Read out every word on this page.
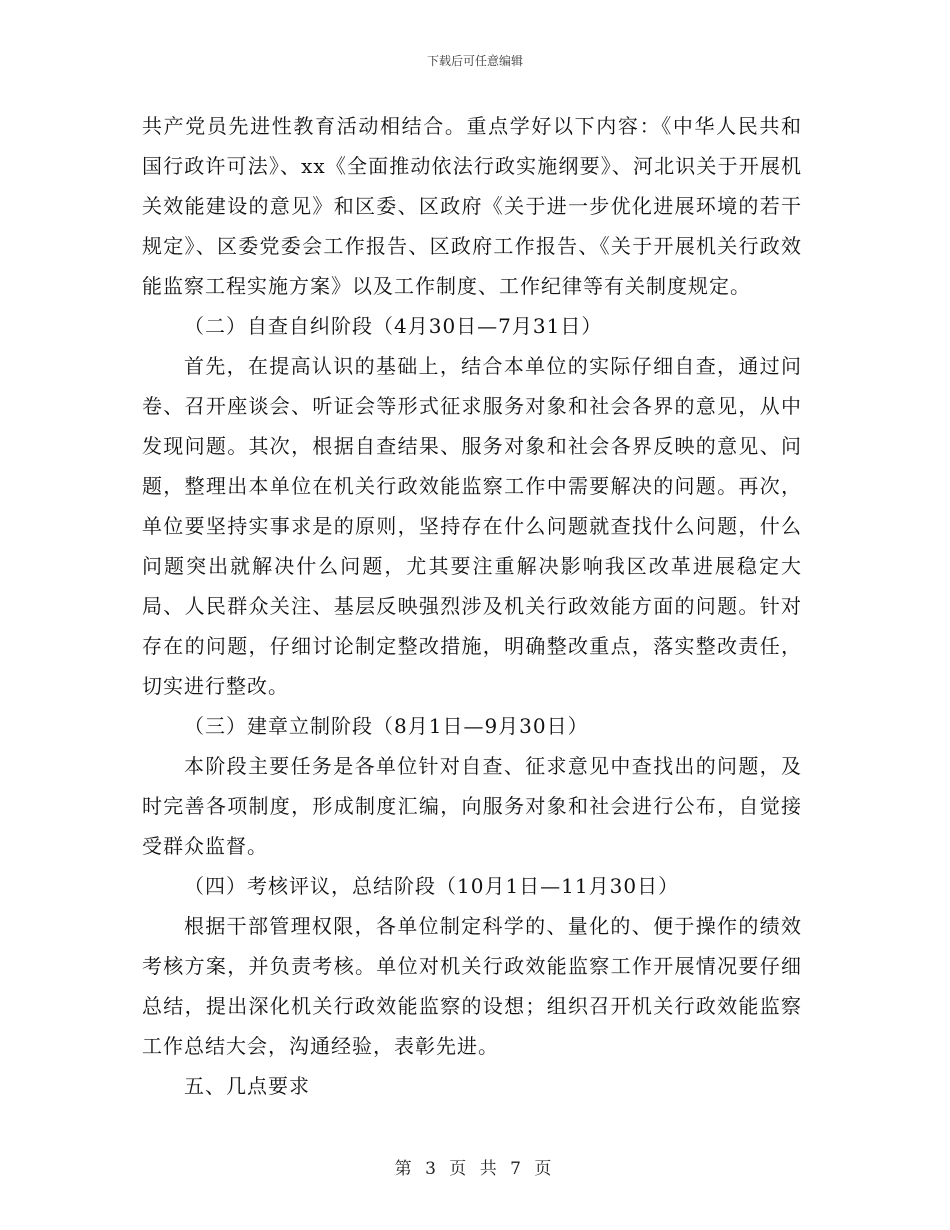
下载后可任意编辑

共产党员先进性教育活动相结合。重点学好以下内容：《中华人民共和国行政许可法》、xx《全面推动依法行政实施纲要》、河北识关于开展机关效能建设的意见》和区委、区政府《关于进一步优化进展环境的若干规定》、区委党委会工作报告、区政府工作报告、《关于开展机关行政效能监察工程实施方案》以及工作制度、工作纪律等有关制度规定。

（二）自查自纠阶段（4月30日—7月31日）

首先，在提高认识的基础上，结合本单位的实际仔细自查，通过问卷、召开座谈会、听证会等形式征求服务对象和社会各界的意见，从中发现问题。其次，根据自查结果、服务对象和社会各界反映的意见、问题，整理出本单位在机关行政效能监察工作中需要解决的问题。再次，单位要坚持实事求是的原则，坚持存在什么问题就查找什么问题，什么问题突出就解决什么问题，尤其要注重解决影响我区改革进展稳定大局、人民群众关注、基层反映强烈涉及机关行政效能方面的问题。针对存在的问题，仔细讨论制定整改措施，明确整改重点，落实整改责任，切实进行整改。

（三）建章立制阶段（8月1日—9月30日）

本阶段主要任务是各单位针对自查、征求意见中查找出的问题，及时完善各项制度，形成制度汇编，向服务对象和社会进行公布，自觉接受群众监督。

（四）考核评议，总结阶段（10月1日—11月30日）

根据干部管理权限，各单位制定科学的、量化的、便于操作的绩效考核方案，并负责考核。单位对机关行政效能监察工作开展情况要仔细总结，提出深化机关行政效能监察的设想；组织召开机关行政效能监察工作总结大会，沟通经验，表彰先进。

五、几点要求

第 3 页 共 7 页
